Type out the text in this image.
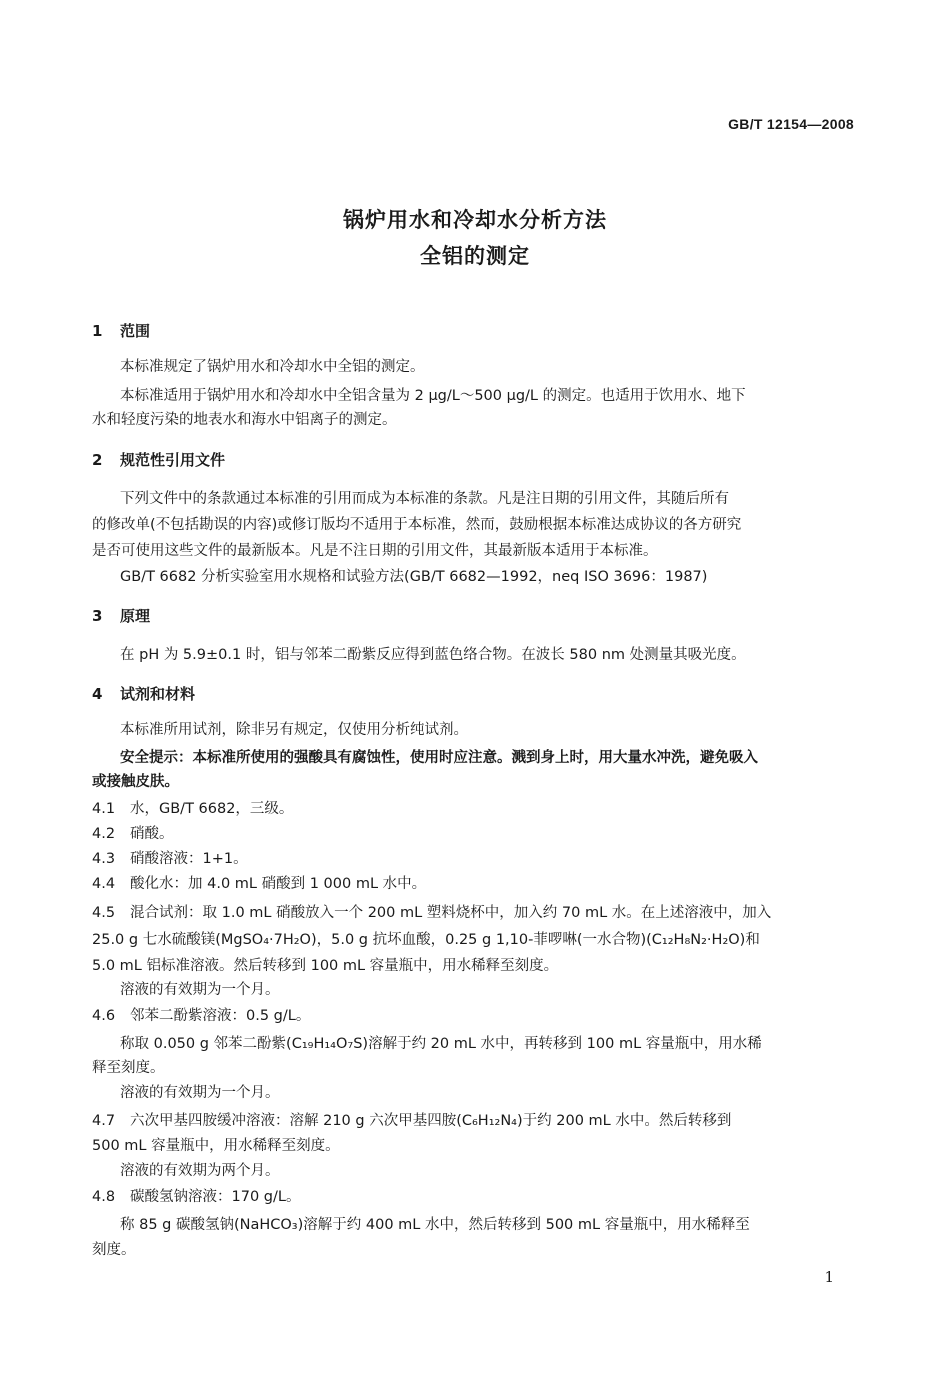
GB/T 12154—2008
锅炉用水和冷却水分析方法
全铝的测定
1 范围
本标准规定了锅炉用水和冷却水中全铝的测定。
本标准适用于锅炉用水和冷却水中全铝含量为 2 μg/L～500 μg/L 的测定。也适用于饮用水、地下
水和轻度污染的地表水和海水中铝离子的测定。
2 规范性引用文件
下列文件中的条款通过本标准的引用而成为本标准的条款。凡是注日期的引用文件，其随后所有
的修改单(不包括勘误的内容)或修订版均不适用于本标准，然而，鼓励根据本标准达成协议的各方研究
是否可使用这些文件的最新版本。凡是不注日期的引用文件，其最新版本适用于本标准。
GB/T 6682 分析实验室用水规格和试验方法(GB/T 6682—1992，neq ISO 3696：1987)
3 原理
在 pH 为 5.9±0.1 时，铝与邻苯二酚紫反应得到蓝色络合物。在波长 580 nm 处测量其吸光度。
4 试剂和材料
本标准所用试剂，除非另有规定，仅使用分析纯试剂。
安全提示：本标准所使用的强酸具有腐蚀性，使用时应注意。溅到身上时，用大量水冲洗，避免吸入
或接触皮肤。
4.1 水，GB/T 6682，三级。
4.2 硝酸。
4.3 硝酸溶液：1+1。
4.4 酸化水：加 4.0 mL 硝酸到 1 000 mL 水中。
4.5 混合试剂：取 1.0 mL 硝酸放入一个 200 mL 塑料烧杯中，加入约 70 mL 水。在上述溶液中，加入
25.0 g 七水硫酸镁(MgSO₄·7H₂O)，5.0 g 抗坏血酸，0.25 g 1,10-菲啰啉(一水合物)(C₁₂H₈N₂·H₂O)和
5.0 mL 铝标准溶液。然后转移到 100 mL 容量瓶中，用水稀释至刻度。
溶液的有效期为一个月。
4.6 邻苯二酚紫溶液：0.5 g/L。
称取 0.050 g 邻苯二酚紫(C₁₉H₁₄O₇S)溶解于约 20 mL 水中，再转移到 100 mL 容量瓶中，用水稀
释至刻度。
溶液的有效期为一个月。
4.7 六次甲基四胺缓冲溶液：溶解 210 g 六次甲基四胺(C₆H₁₂N₄)于约 200 mL 水中。然后转移到
500 mL 容量瓶中，用水稀释至刻度。
溶液的有效期为两个月。
4.8 碳酸氢钠溶液：170 g/L。
称 85 g 碳酸氢钠(NaHCO₃)溶解于约 400 mL 水中，然后转移到 500 mL 容量瓶中，用水稀释至
刻度。
1
